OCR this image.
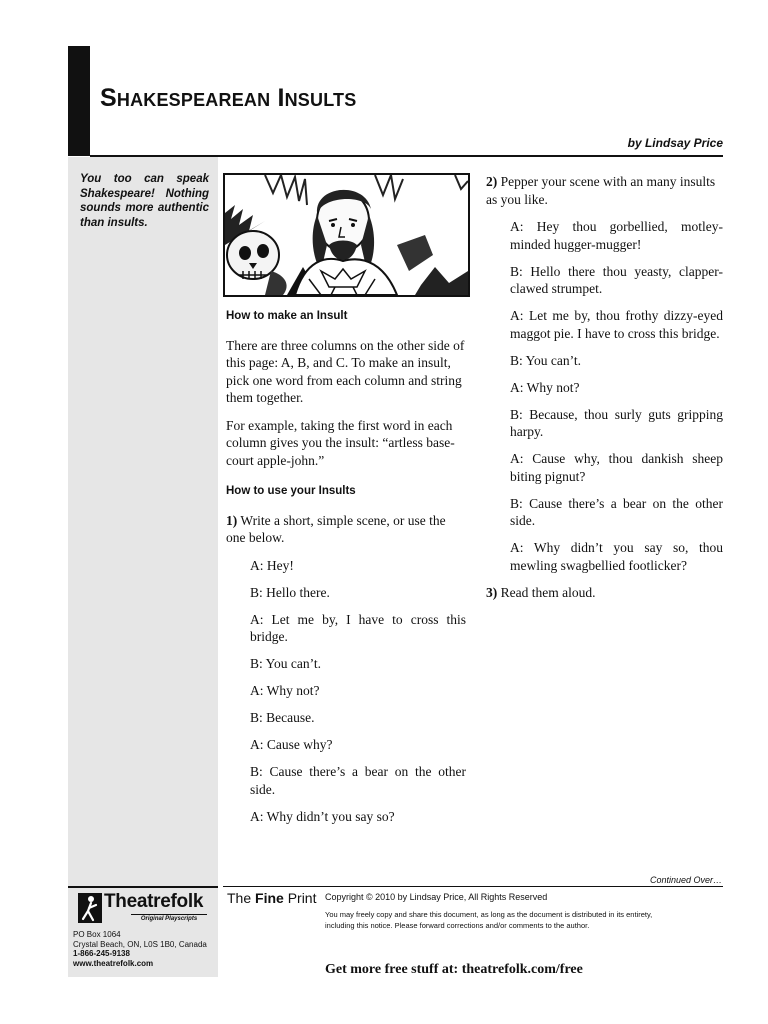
Shakespearean Insults
by Lindsay Price

You too can speak Shakespeare! Nothing sounds more authentic than insults.

How to make an Insult

There are three columns on the other side of this page: A, B, and C. To make an insult, pick one word from each column and string them together.

For example, taking the first word in each column gives you the insult: “artless base-court apple-john.”

How to use your Insults

1) Write a short, simple scene, or use the one below.

A: Hey!

B: Hello there.

A: Let me by, I have to cross this bridge.

B: You can’t.

A: Why not?

B: Because.

A: Cause why?

B: Cause there’s a bear on the other side.

A: Why didn’t you say so?

2) Pepper your scene with an many insults as you like.

A: Hey thou gorbellied, motley-minded hugger-mugger!

B: Hello there thou yeasty, clapper-clawed strumpet.

A: Let me by, thou frothy dizzy-eyed maggot pie. I have to cross this bridge.

B: You can’t.

A: Why not?

B: Because, thou surly guts gripping harpy.

A: Cause why, thou dankish sheep biting pignut?

B: Cause there’s a bear on the other side.

A: Why didn’t you say so, thou mewling swagbellied footlicker?

3) Read them aloud.

Continued Over…
The Fine Print Copyright © 2010 by Lindsay Price, All Rights Reserved

You may freely copy and share this document, as long as the document is distributed in its entirety, including this notice. Please forward corrections and/or comments to the author.

Get more free stuff at: theatrefolk.com/free
Theatrefolk
Original Playscripts
PO Box 1064
Crystal Beach, ON, L0S 1B0, Canada
1-866-245-9138
www.theatrefolk.com
